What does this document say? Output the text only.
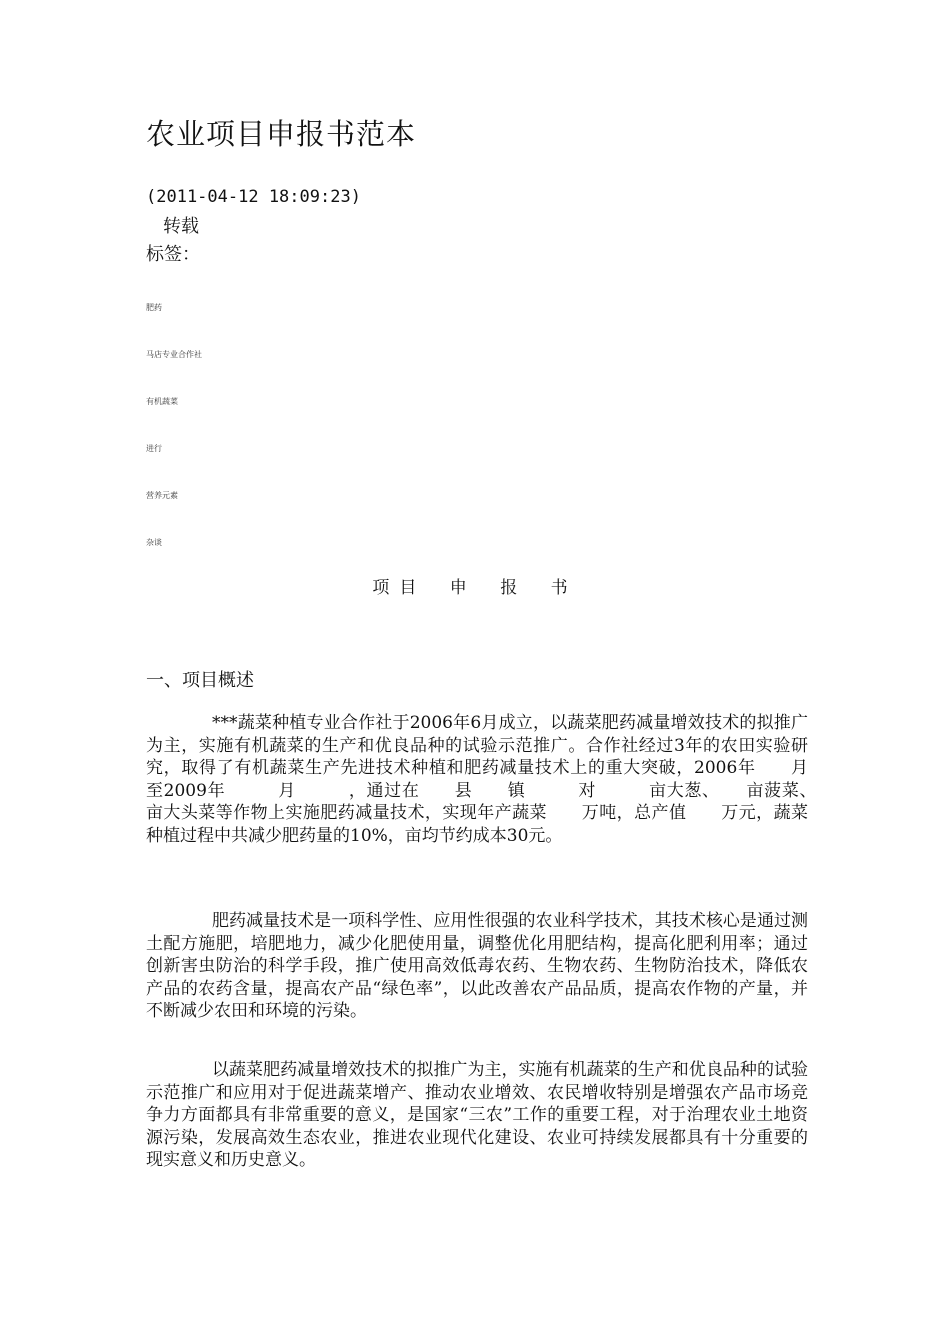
农业项目申报书范本
(2011-04-12 18:09:23)
转载
标签：
肥药
马店专业合作社
有机蔬菜
进行
营养元素
杂谈
项目 申 报 书
一、项目概述

***蔬菜种植专业合作社于2006年6月成立，以蔬菜肥药减量增效技术的拟推广为主，实施有机蔬菜的生产和优良品种的试验示范推广。合作社经过3年的农田实验研究，取得了有机蔬菜生产先进技术种植和肥药减量技术上的重大突破，2006年　　月　　　至2009年　　　月　　　，通过在　　县　　镇　　　对　　　亩大葱、　　亩菠菜、　　亩大头菜等作物上实施肥药减量技术，实现年产蔬菜　　万吨，总产值　　万元，蔬菜种植过程中共减少肥药量的10%，亩均节约成本30元。

肥药减量技术是一项科学性、应用性很强的农业科学技术，其技术核心是通过测土配方施肥，培肥地力，减少化肥使用量，调整优化用肥结构，提高化肥利用率；通过创新害虫防治的科学手段，推广使用高效低毒农药、生物农药、生物防治技术，降低农产品的农药含量，提高农产品“绿色率”，以此改善农产品品质，提高农作物的产量，并不断减少农田和环境的污染。

以蔬菜肥药减量增效技术的拟推广为主，实施有机蔬菜的生产和优良品种的试验示范推广和应用对于促进蔬菜增产、推动农业增效、农民增收特别是增强农产品市场竞争力方面都具有非常重要的意义，是国家“三农”工作的重要工程，对于治理农业土地资源污染，发展高效生态农业，推进农业现代化建设、农业可持续发展都具有十分重要的现实意义和历史意义。
